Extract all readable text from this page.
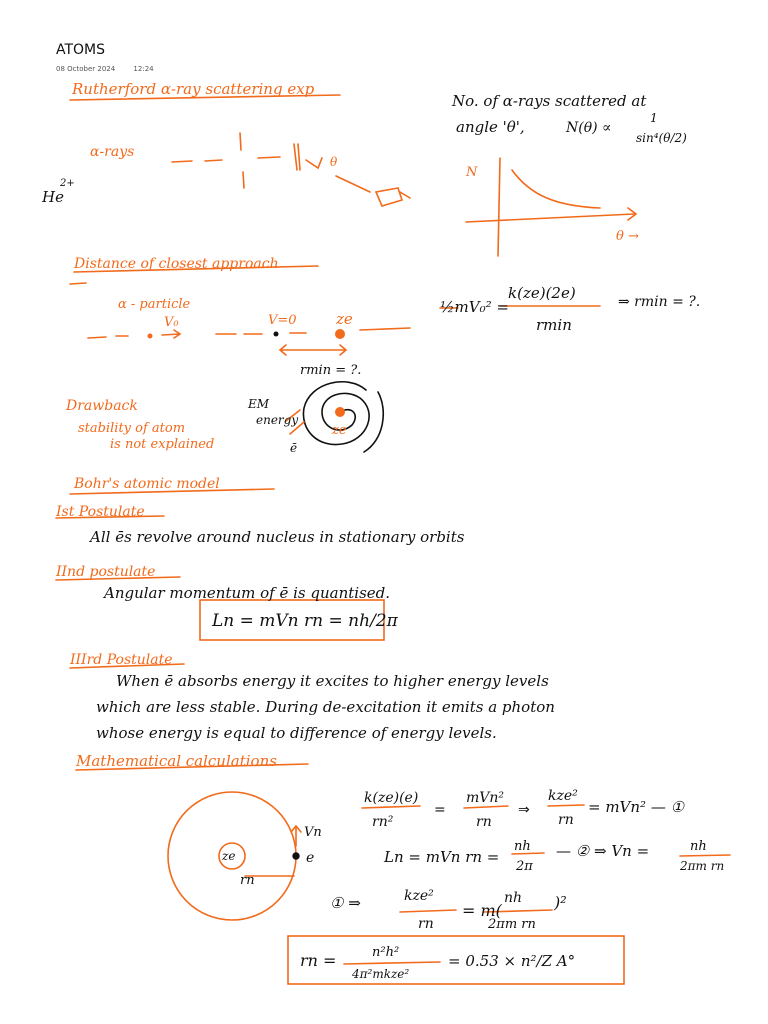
ATOMS
08 October 2024	12:24
Rutherford α-ray scattering exp
α-rays
He
2+
θ
No. of α-rays scattered at
angle 'θ',	N(θ) ∝
1
sin⁴(θ/2)
N
θ →
Distance of closest approach
α - particle
V₀	V=0	ze
rmin = ?.
½mV₀² =
k(ze)(2e)
rmin
⇒ rmin = ?.
Drawback
stability of atom
is not explained
EM
energy
ze
ē
Bohr's atomic model
Ist Postulate
All ēs revolve around nucleus in stationary orbits
IInd postulate
Angular momentum of ē is quantised.
Ln = mVn rn = nh/2π
IIIrd Postulate
When ē absorbs energy it excites to higher energy levels
which are less stable. During de-excitation it emits a photon
whose energy is equal to difference of energy levels.
Mathematical calculations
k(ze)(e)
rn²
=
mVn²
rn
⇒
kze²
rn
= mVn² — ①
Ln = mVn rn =
nh
2π
— ② ⇒ Vn =	nh
2πm rn
① ⇒	kze²
rn
= m(
nh
2πm rn
)²
rn =	n²h²
4π²mkze²
= 0.53 × n²/Z A°
ze	e
Vn
rn
